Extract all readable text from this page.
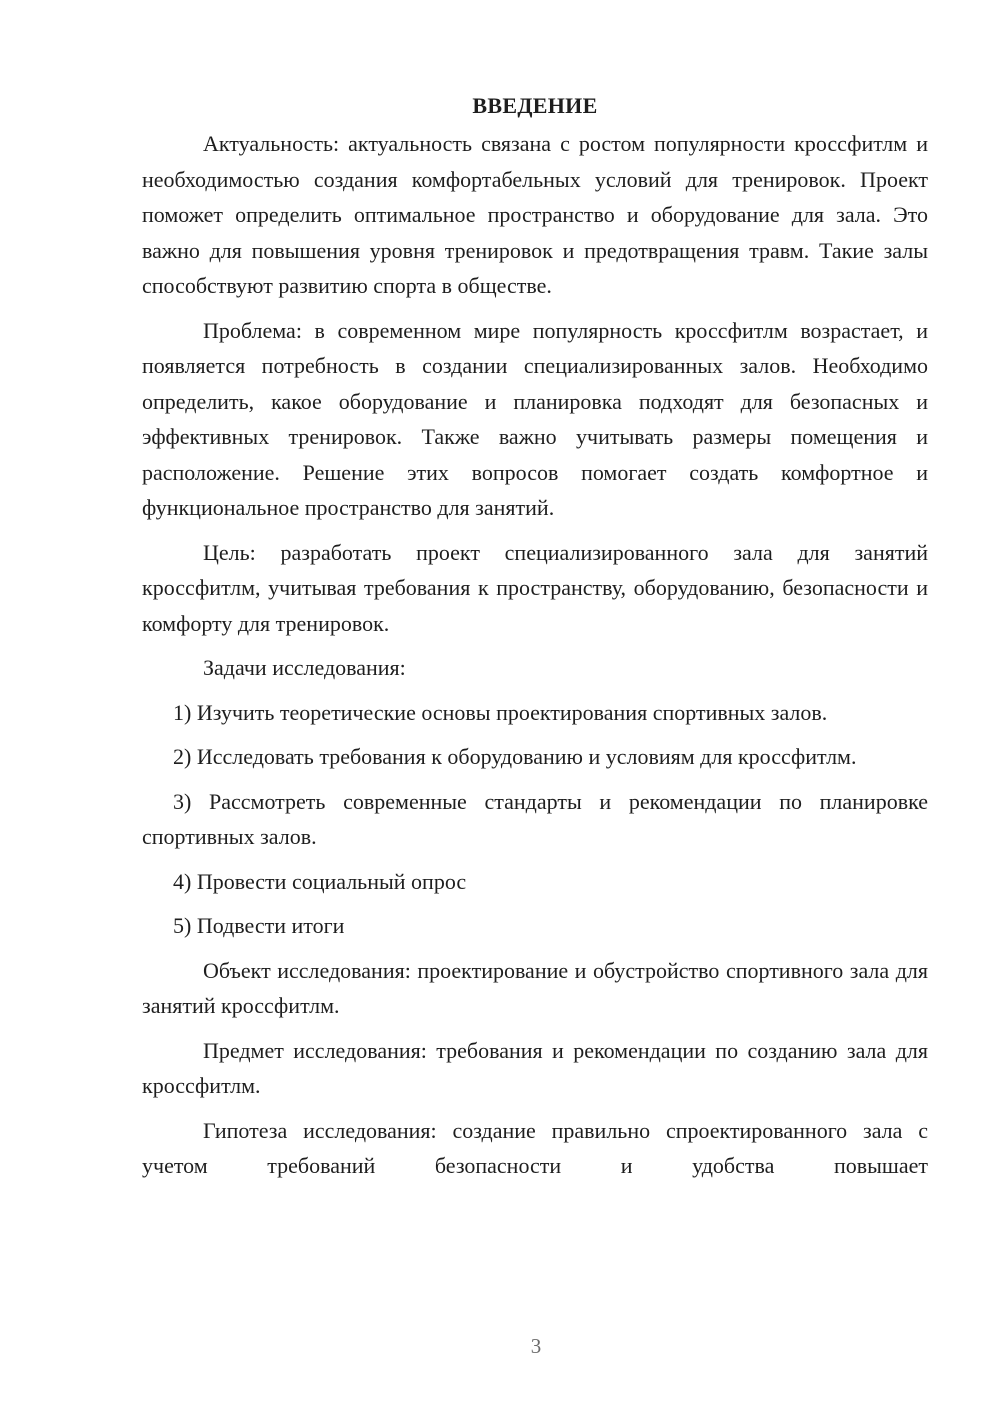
ВВЕДЕНИЕ

Актуальность: актуальность связана с ростом популярности кроссфитлм и необходимостью создания комфортабельных условий для тренировок. Проект поможет определить оптимальное пространство и оборудование для зала. Это важно для повышения уровня тренировок и предотвращения травм. Такие залы способствуют развитию спорта в обществе.

Проблема: в современном мире популярность кроссфитлм возрастает, и появляется потребность в создании специализированных залов. Необходимо определить, какое оборудование и планировка подходят для безопасных и эффективных тренировок. Также важно учитывать размеры помещения и расположение. Решение этих вопросов помогает создать комфортное и функциональное пространство для занятий.

Цель: разработать проект специализированного зала для занятий кроссфитлм, учитывая требования к пространству, оборудованию, безопасности и комфорту для тренировок.

Задачи исследования:

1) Изучить теоретические основы проектирования спортивных залов.

2) Исследовать требования к оборудованию и условиям для кроссфитлм.

3) Рассмотреть современные стандарты и рекомендации по планировке спортивных залов.

4) Провести социальный опрос

5) Подвести итоги

Объект исследования: проектирование и обустройство спортивного зала для занятий кроссфитлм.

Предмет исследования: требования и рекомендации по созданию зала для кроссфитлм.

Гипотеза исследования: создание правильно спроектированного зала с учетом требований безопасности и удобства повышает

3
